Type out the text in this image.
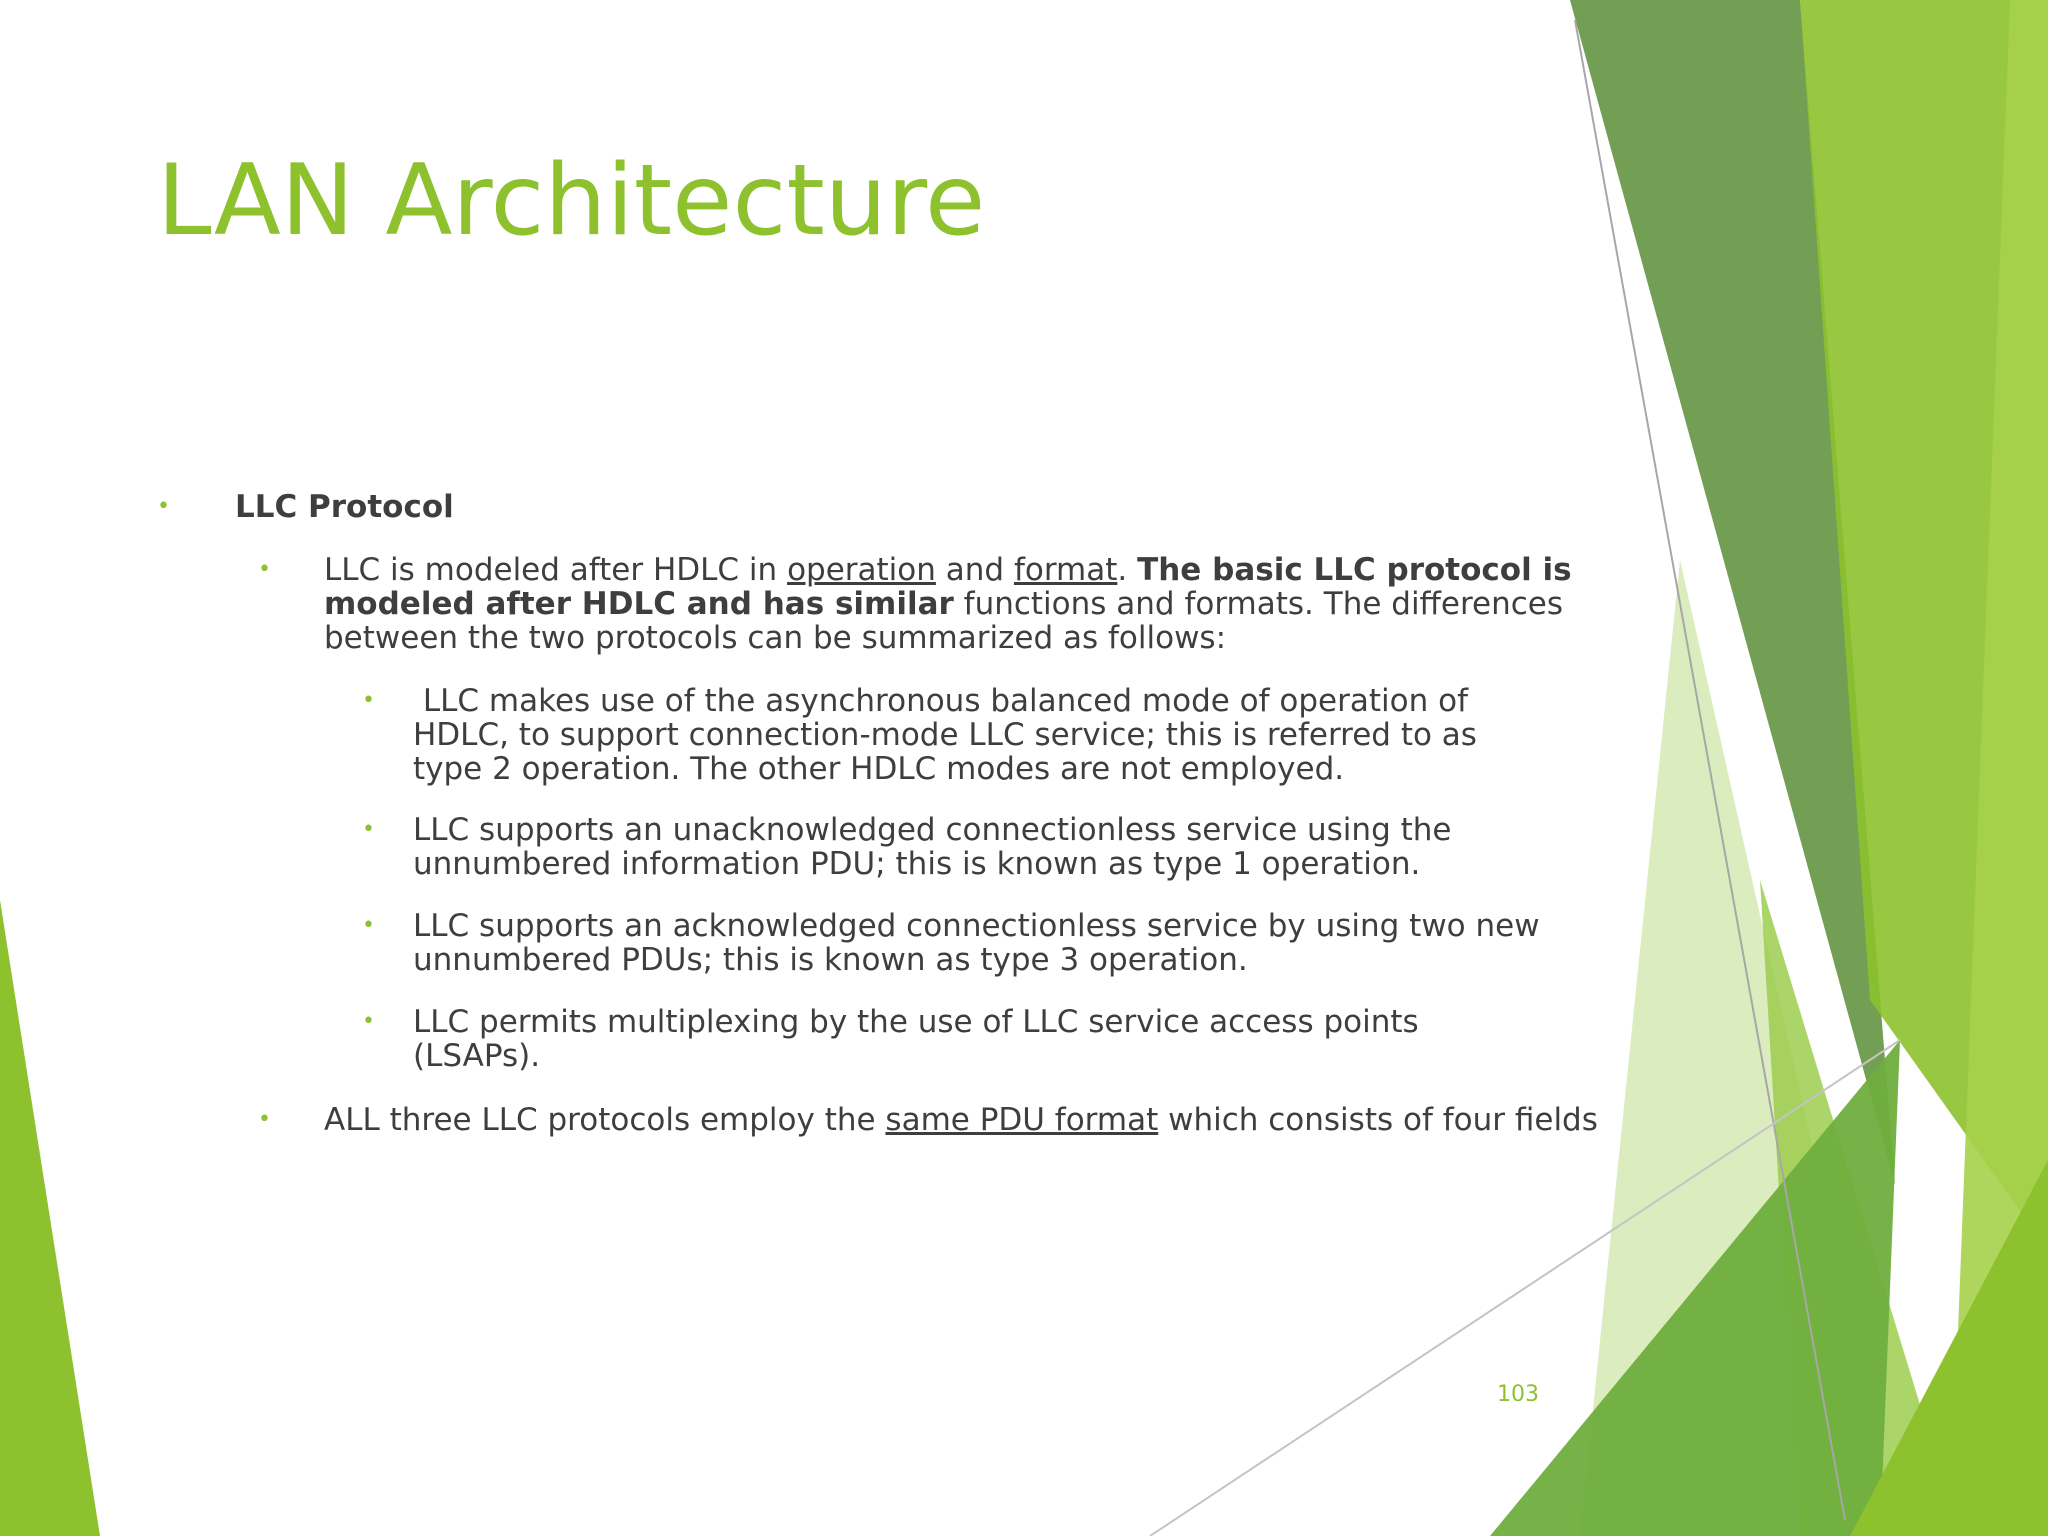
LAN Architecture
• LLC Protocol
• LLC is modeled after HDLC in operation and format. The basic LLC protocol is modeled after HDLC and has similar functions and formats. The differences between the two protocols can be summarized as follows:
• LLC makes use of the asynchronous balanced mode of operation of HDLC, to support connection-mode LLC service; this is referred to as type 2 operation. The other HDLC modes are not employed.
• LLC supports an unacknowledged connectionless service using the unnumbered information PDU; this is known as type 1 operation.
• LLC supports an acknowledged connectionless service by using two new unnumbered PDUs; this is known as type 3 operation.
• LLC permits multiplexing by the use of LLC service access points (LSAPs).
• ALL three LLC protocols employ the same PDU format which consists of four fields
103
